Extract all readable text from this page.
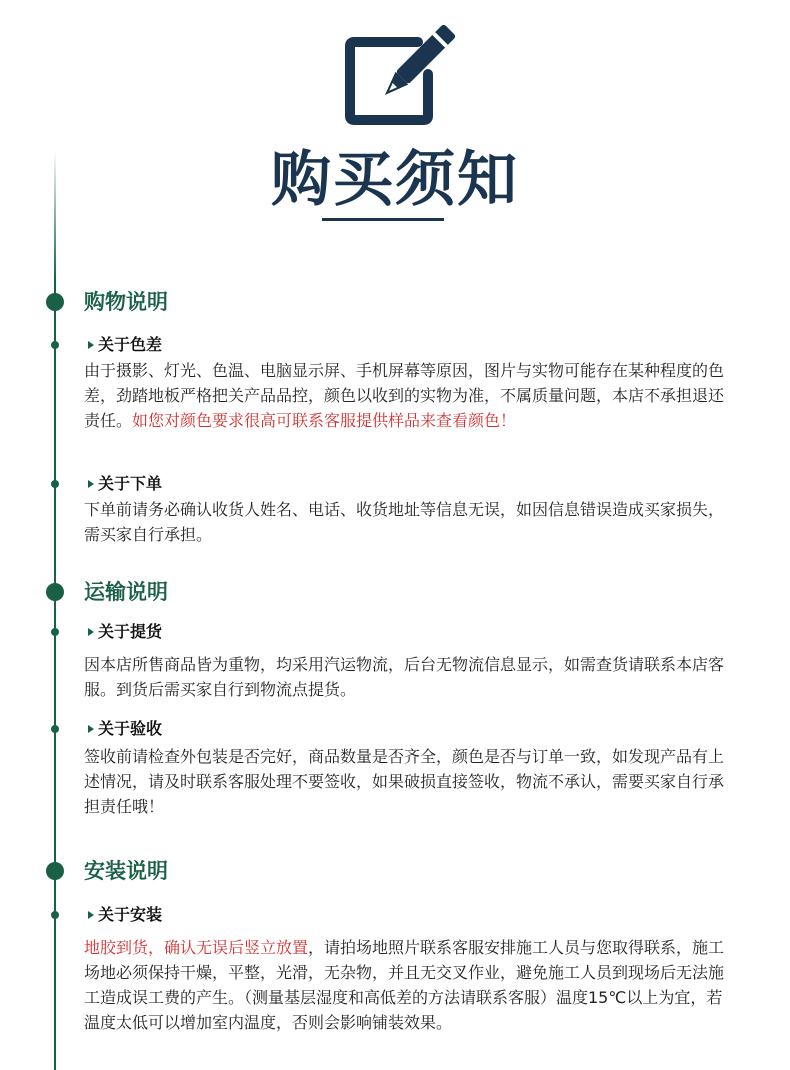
购买须知
购物说明
关于色差
由于摄影、灯光、色温、电脑显示屏、手机屏幕等原因，图片与实物可能存在某种程度的色差，劲踏地板严格把关产品品控，颜色以收到的实物为准，不属质量问题，本店不承担退还责任。如您对颜色要求很高可联系客服提供样品来查看颜色！
关于下单
下单前请务必确认收货人姓名、电话、收货地址等信息无误，如因信息错误造成买家损失，需买家自行承担。
运输说明
关于提货
因本店所售商品皆为重物，均采用汽运物流，后台无物流信息显示，如需查货请联系本店客服。到货后需买家自行到物流点提货。
关于验收
签收前请检查外包装是否完好，商品数量是否齐全，颜色是否与订单一致，如发现产品有上述情况，请及时联系客服处理不要签收，如果破损直接签收，物流不承认，需要买家自行承担责任哦！
安装说明
关于安装
地胶到货，确认无误后竖立放置，请拍场地照片联系客服安排施工人员与您取得联系，施工场地必须保持干燥，平整，光滑，无杂物，并且无交叉作业，避免施工人员到现场后无法施工造成误工费的产生。（测量基层湿度和高低差的方法请联系客服）温度15℃以上为宜，若温度太低可以增加室内温度，否则会影响铺装效果。
